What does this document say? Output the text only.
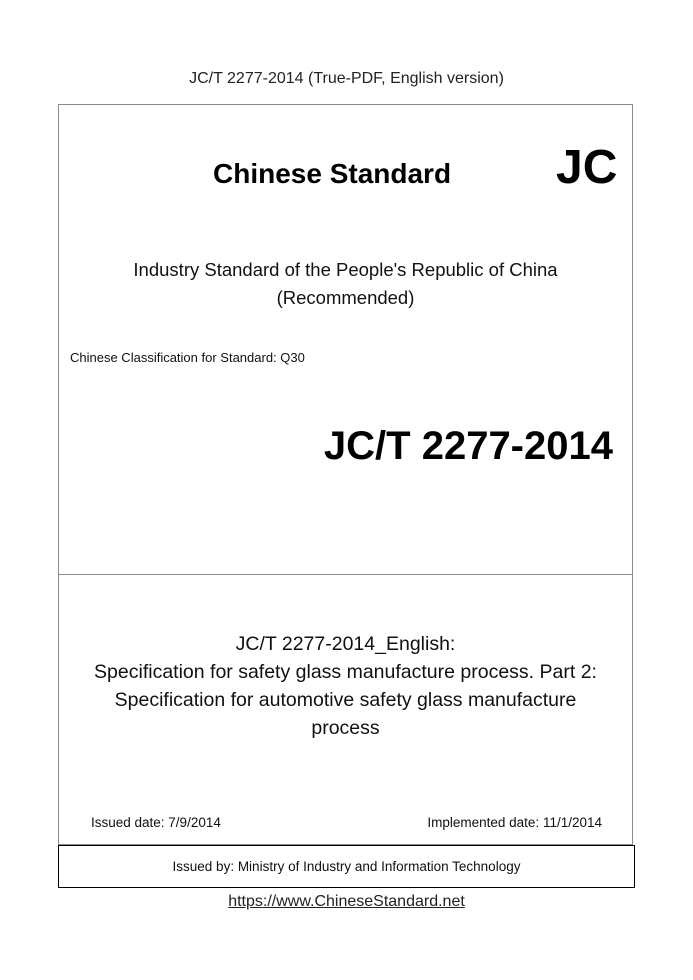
JC/T 2277-2014 (True-PDF, English version)
Chinese Standard JC
Industry Standard of the People's Republic of China
(Recommended)
Chinese Classification for Standard: Q30
JC/T 2277-2014
JC/T 2277-2014_English:
Specification for safety glass manufacture process. Part 2:
Specification for automotive safety glass manufacture
process
Issued date: 7/9/2014	Implemented date: 11/1/2014
Issued by: Ministry of Industry and Information Technology
https://www.ChineseStandard.net
